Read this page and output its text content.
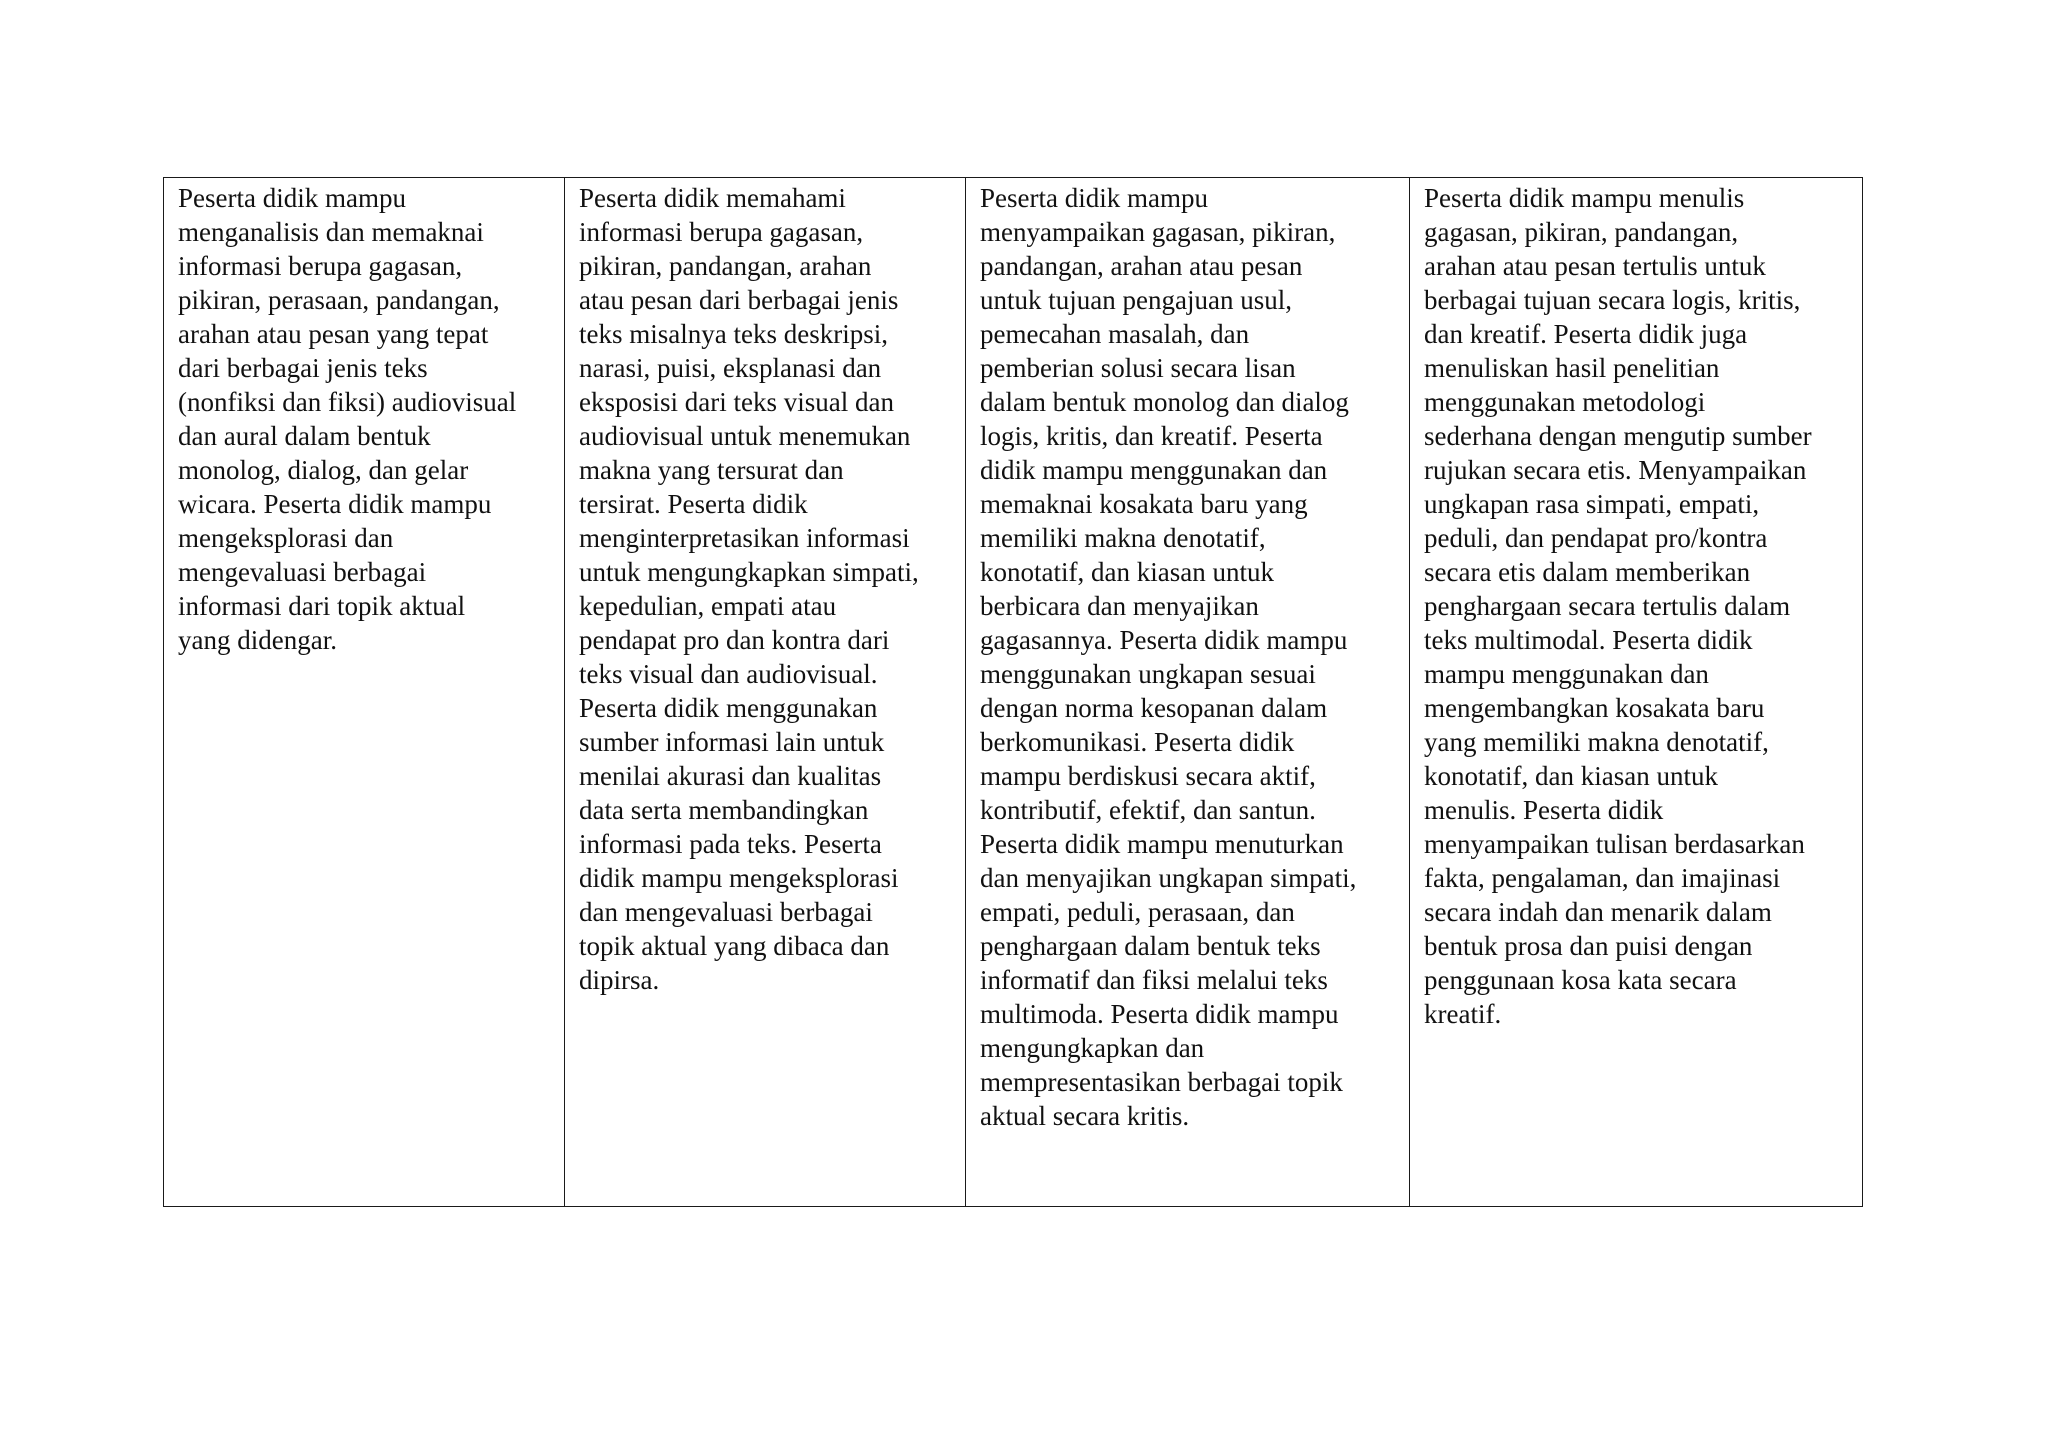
Peserta didik mampu
menganalisis dan memaknai
informasi berupa gagasan,
pikiran, perasaan, pandangan,
arahan atau pesan yang tepat
dari berbagai jenis teks
(nonfiksi dan fiksi) audiovisual
dan aural dalam bentuk
monolog, dialog, dan gelar
wicara. Peserta didik mampu
mengeksplorasi dan
mengevaluasi berbagai
informasi dari topik aktual
yang didengar.	Peserta didik memahami
informasi berupa gagasan,
pikiran, pandangan, arahan
atau pesan dari berbagai jenis
teks misalnya teks deskripsi,
narasi, puisi, eksplanasi dan
eksposisi dari teks visual dan
audiovisual untuk menemukan
makna yang tersurat dan
tersirat. Peserta didik
menginterpretasikan informasi
untuk mengungkapkan simpati,
kepedulian, empati atau
pendapat pro dan kontra dari
teks visual dan audiovisual.
Peserta didik menggunakan
sumber informasi lain untuk
menilai akurasi dan kualitas
data serta membandingkan
informasi pada teks. Peserta
didik mampu mengeksplorasi
dan mengevaluasi berbagai
topik aktual yang dibaca dan
dipirsa.	Peserta didik mampu
menyampaikan gagasan, pikiran,
pandangan, arahan atau pesan
untuk tujuan pengajuan usul,
pemecahan masalah, dan
pemberian solusi secara lisan
dalam bentuk monolog dan dialog
logis, kritis, dan kreatif. Peserta
didik mampu menggunakan dan
memaknai kosakata baru yang
memiliki makna denotatif,
konotatif, dan kiasan untuk
berbicara dan menyajikan
gagasannya. Peserta didik mampu
menggunakan ungkapan sesuai
dengan norma kesopanan dalam
berkomunikasi. Peserta didik
mampu berdiskusi secara aktif,
kontributif, efektif, dan santun.
Peserta didik mampu menuturkan
dan menyajikan ungkapan simpati,
empati, peduli, perasaan, dan
penghargaan dalam bentuk teks
informatif dan fiksi melalui teks
multimoda. Peserta didik mampu
mengungkapkan dan
mempresentasikan berbagai topik
aktual secara kritis.	Peserta didik mampu menulis
gagasan, pikiran, pandangan,
arahan atau pesan tertulis untuk
berbagai tujuan secara logis, kritis,
dan kreatif. Peserta didik juga
menuliskan hasil penelitian
menggunakan metodologi
sederhana dengan mengutip sumber
rujukan secara etis. Menyampaikan
ungkapan rasa simpati, empati,
peduli, dan pendapat pro/kontra
secara etis dalam memberikan
penghargaan secara tertulis dalam
teks multimodal. Peserta didik
mampu menggunakan dan
mengembangkan kosakata baru
yang memiliki makna denotatif,
konotatif, dan kiasan untuk
menulis. Peserta didik
menyampaikan tulisan berdasarkan
fakta, pengalaman, dan imajinasi
secara indah dan menarik dalam
bentuk prosa dan puisi dengan
penggunaan kosa kata secara
kreatif.
